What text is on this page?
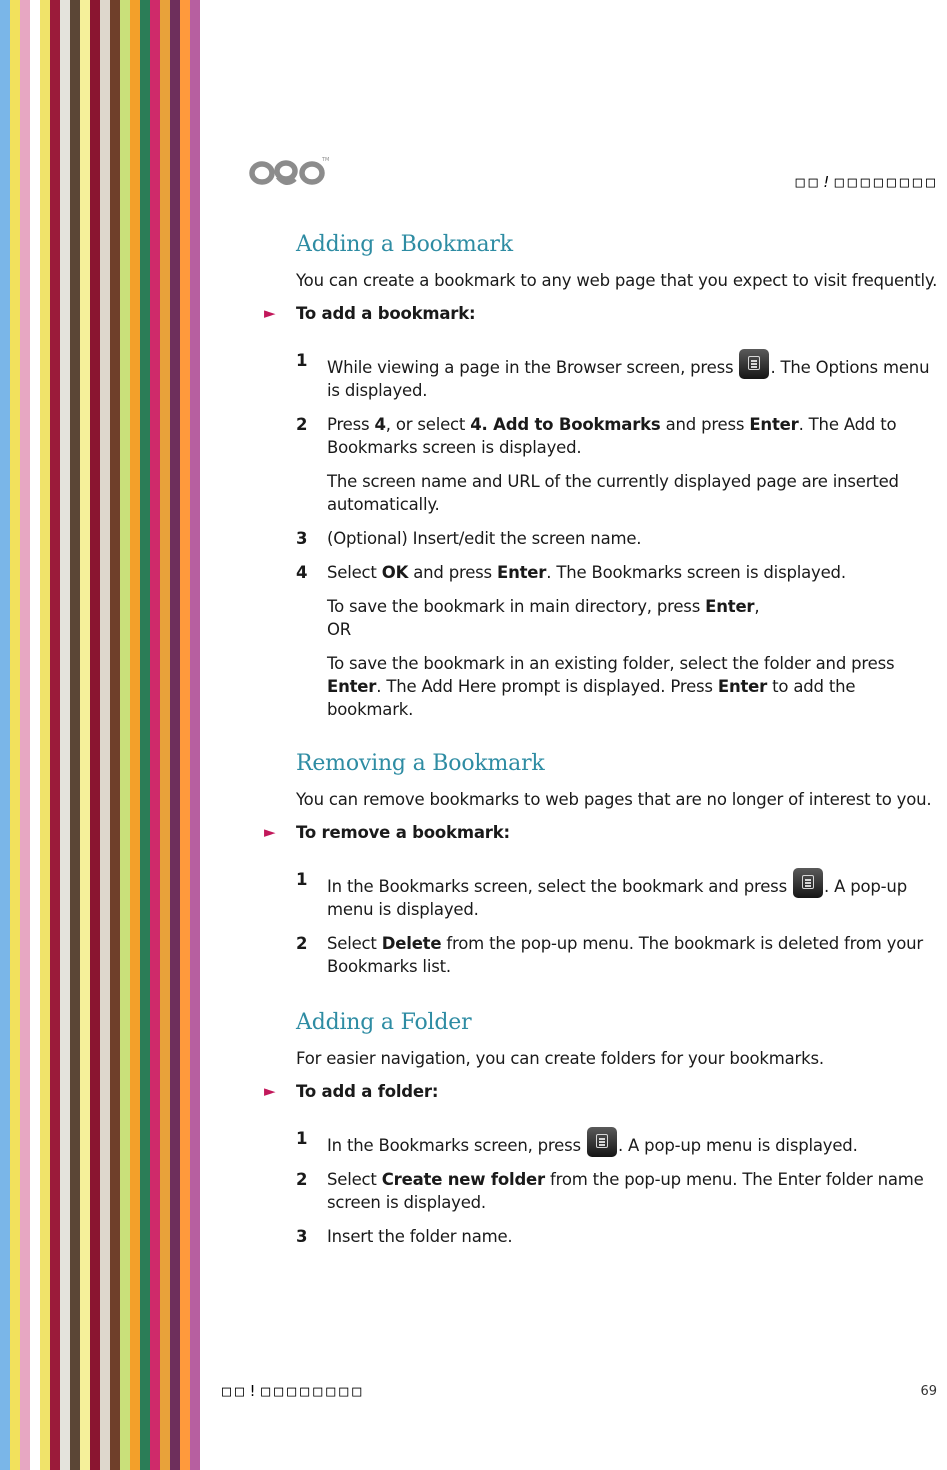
TM
□□!□□□□□□□□
Adding a Bookmark

You can create a bookmark to any web page that you expect to visit frequently.

► To add a bookmark:
1 While viewing a page in the Browser screen, press . The Options menu is displayed.
2 Press 4, or select 4. Add to Bookmarks and press Enter. The Add to Bookmarks screen is displayed.
The screen name and URL of the currently displayed page are inserted automatically.
3 (Optional) Insert/edit the screen name.
4 Select OK and press Enter. The Bookmarks screen is displayed.
To save the bookmark in main directory, press Enter,
OR
To save the bookmark in an existing folder, select the folder and press Enter. The Add Here prompt is displayed. Press Enter to add the bookmark.
Removing a Bookmark

You can remove bookmarks to web pages that are no longer of interest to you.

► To remove a bookmark:
1 In the Bookmarks screen, select the bookmark and press . A pop-up menu is displayed.
2 Select Delete from the pop-up menu. The bookmark is deleted from your Bookmarks list.
Adding a Folder

For easier navigation, you can create folders for your bookmarks.

► To add a folder:
1 In the Bookmarks screen, press . A pop-up menu is displayed.
2 Select Create new folder from the pop-up menu. The Enter folder name screen is displayed.
3 Insert the folder name.
□□!□□□□□□□□	69
